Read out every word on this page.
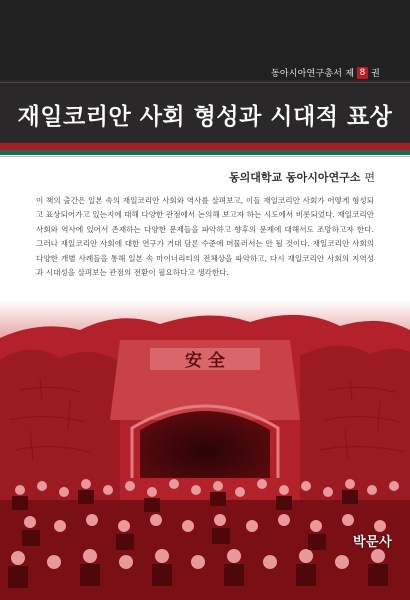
동아시아연구총서 제 8 권
재일코리안 사회 형성과 시대적 표상
동의대학교 동아시아연구소 편
이 책의 출간은 일본 속의 재일코리안 사회와 역사를 살펴보고, 이들 재일코리안 사회가 어떻게 형성되고 표상되어가고 있는지에 대해 다양한 관점에서 논의해 보고자 하는 시도에서 비롯되었다. 재일코리안 사회와 역사에 있어서 존재하는 다양한 문제들을 파악하고 향후의 문제에 대해서도 조망하고자 한다. 그러나 재일코리안 사회에 대한 연구가 거대 담론 수준에 머물러서는 안 될 것이다. 재일코리안 사회의 다양한 개별 사례들을 통해 일본 속 마이너리티의 전체상을 파악하고, 다시 재일코리안 사회의 지역성과 시대성을 살펴보는 관점의 전환이 필요하다고 생각한다.
安 全
박문사
